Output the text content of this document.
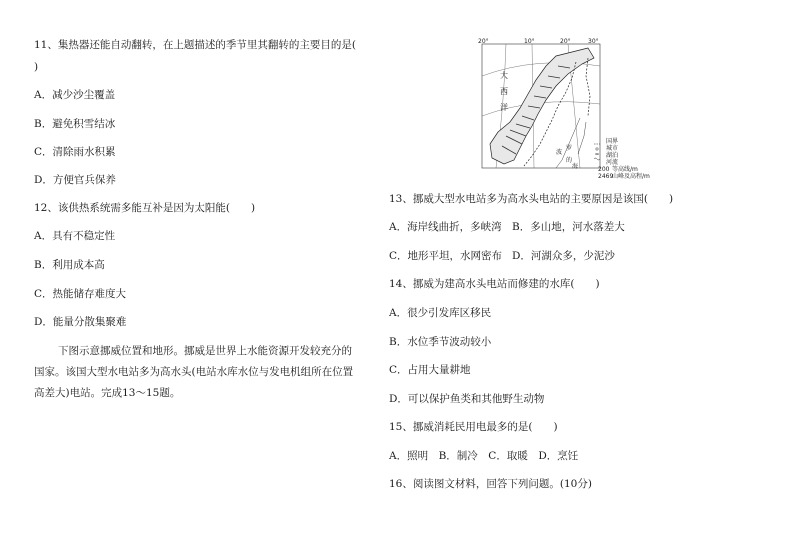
11、集热器还能自动翻转，在上题描述的季节里其翻转的主要目的是(
)
A．减少沙尘覆盖
B．避免积雪结冰
C．清除雨水积累
D．方便官兵保养
12、该供热系统需多能互补是因为太阳能(　　)
A．具有不稳定性
B．利用成本高
C．热能储存难度大
D．能量分散集聚难
下图示意挪威位置和地形。挪威是世界上水能资源开发较充分的
国家。该国大型水电站多为高水头(电站水库水位与发电机组所在位置
高差大)电站。完成13～15题。
20°	10°	20°	30°
大
西
洋
波
罗
的
海
国界
城市
湖泊
河流
200 等高线/m
2469
山峰及高程/m
13、挪威大型水电站多为高水头电站的主要原因是该国(　　)
A．海岸线曲折，多峡湾 B．多山地，河水落差大
C．地形平坦，水网密布 D．河湖众多，少泥沙
14、挪威为建高水头电站而修建的水库(　　)
A．很少引发库区移民
B．水位季节波动较小
C．占用大量耕地
D．可以保护鱼类和其他野生动物
15、挪威消耗民用电最多的是(　　)
A．照明　B．制冷　C．取暖　D．烹饪
16、阅读图文材料，回答下列问题。(10分)
